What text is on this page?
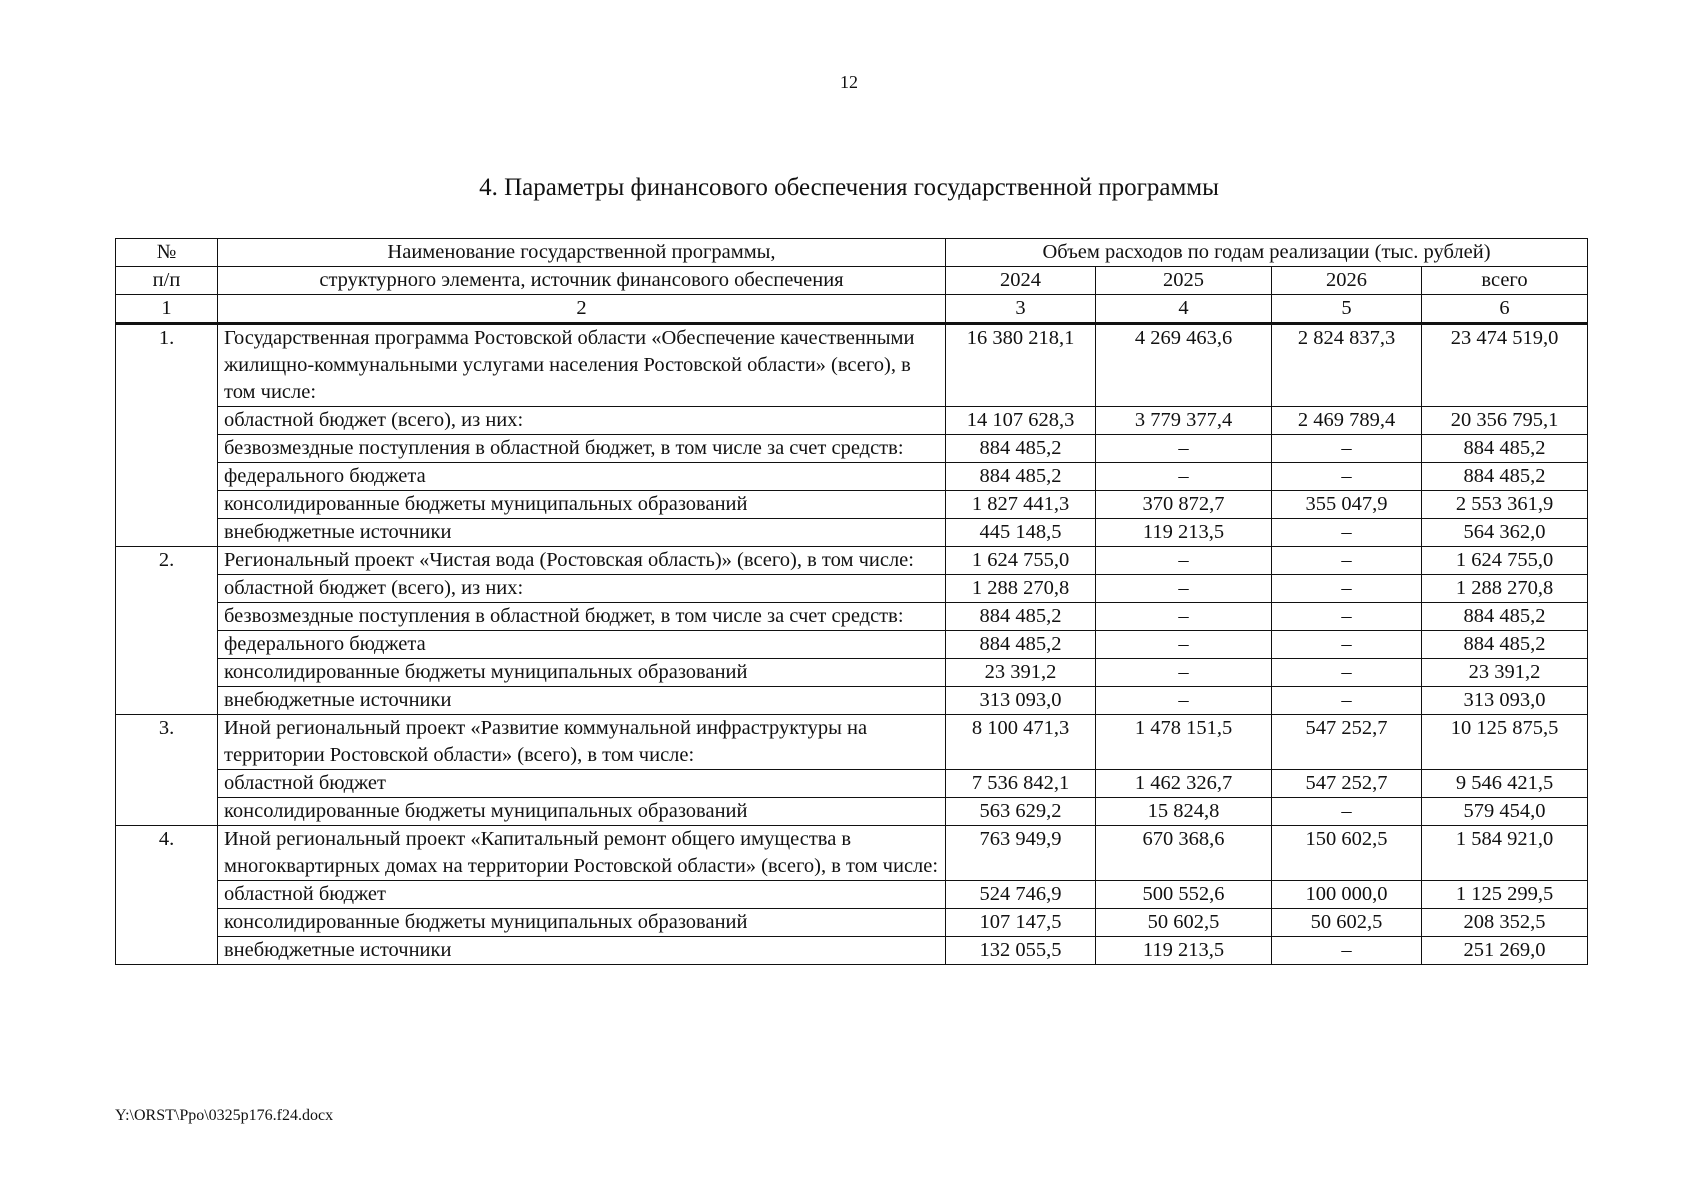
12
4. Параметры финансового обеспечения государственной программы
№	Наименование государственной программы,	Объем расходов по годам реализации (тыс. рублей)			

п/п	структурного элемента, источник финансового обеспечения	2024	2025	2026	всего
1	2	3	4	5	6
1.	Государственная программа Ростовской области «Обеспечение качественными жилищно-коммунальными услугами населения Ростовской области» (всего), в том числе:	16 380 218,1	4 269 463,6	2 824 837,3	23 474 519,0
	областной бюджет (всего), из них:	14 107 628,3	3 779 377,4	2 469 789,4	20 356 795,1
	безвозмездные поступления в областной бюджет, в том числе за счет средств:	884 485,2	–	–	884 485,2
	федерального бюджета	884 485,2	–	–	884 485,2
	консолидированные бюджеты муниципальных образований	1 827 441,3	370 872,7	355 047,9	2 553 361,9
	внебюджетные источники	445 148,5	119 213,5	–	564 362,0
2.	Региональный проект «Чистая вода (Ростовская область)» (всего), в том числе:	1 624 755,0	–	–	1 624 755,0
	областной бюджет (всего), из них:	1 288 270,8	–	–	1 288 270,8
	безвозмездные поступления в областной бюджет, в том числе за счет средств:	884 485,2	–	–	884 485,2
	федерального бюджета	884 485,2	–	–	884 485,2
	консолидированные бюджеты муниципальных образований	23 391,2	–	–	23 391,2
	внебюджетные источники	313 093,0	–	–	313 093,0
3.	Иной региональный проект «Развитие коммунальной инфраструктуры на территории Ростовской области» (всего), в том числе:	8 100 471,3	1 478 151,5	547 252,7	10 125 875,5
	областной бюджет	7 536 842,1	1 462 326,7	547 252,7	9 546 421,5
	консолидированные бюджеты муниципальных образований	563 629,2	15 824,8	–	579 454,0
4.	Иной региональный проект «Капитальный ремонт общего имущества в многоквартирных домах на территории Ростовской области» (всего), в том числе:	763 949,9	670 368,6	150 602,5	1 584 921,0
	областной бюджет	524 746,9	500 552,6	100 000,0	1 125 299,5
	консолидированные бюджеты муниципальных образований	107 147,5	50 602,5	50 602,5	208 352,5
	внебюджетные источники	132 055,5	119 213,5	–	251 269,0
Y:\ORST\Ppo\0325p176.f24.docx
